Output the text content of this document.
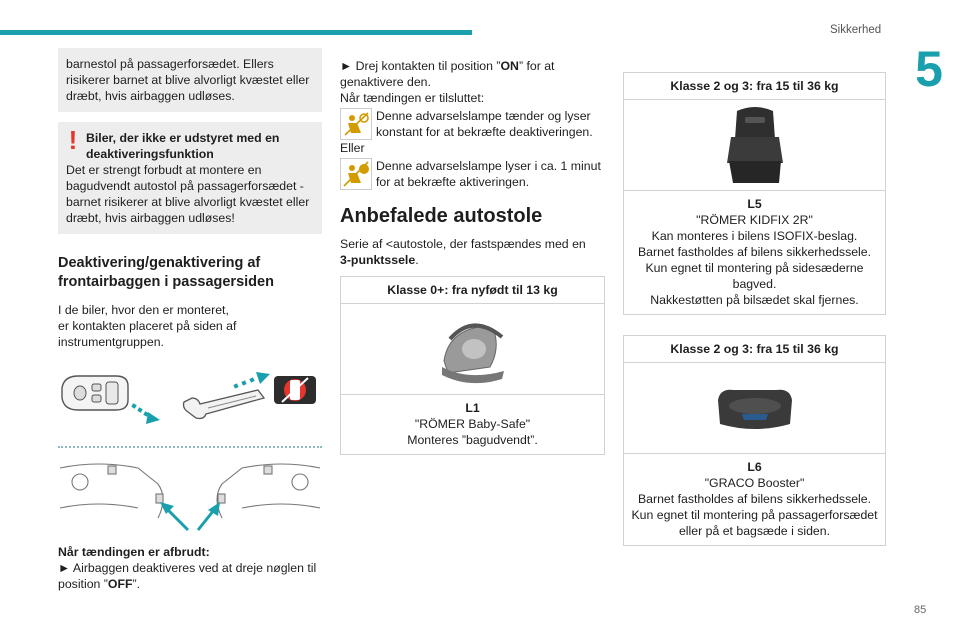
Sikkerhed
5
85
barnestol på passagerforsædet. Ellers
risikerer barnet at blive alvorligt kvæstet eller
dræbt, hvis airbaggen udløses.
! Biler, der ikke er udstyret med en deaktiveringsfunktion
Det er strengt forbudt at montere en
bagudvendt autostol på passagerforsædet -
barnet risikerer at blive alvorligt kvæstet eller
dræbt, hvis airbaggen udløses!
Deaktivering/genaktivering af frontairbaggen i passagersiden
I de biler, hvor den er monteret,
er kontakten placeret på siden af
instrumentgruppen.
Når tændingen er afbrudt:
► Airbaggen deaktiveres ved at dreje nøglen til position ”OFF”.
► Drej kontakten til position ”ON” for at genaktivere den.
Når tændingen er tilsluttet:
Denne advarselslampe tænder og lyser konstant for at bekræfte deaktiveringen.
Eller
Denne advarselslampe lyser i ca. 1 minut for at bekræfte aktiveringen.
Anbefalede autostole
Serie af <autostole, der fastspændes med en
3-punktssele.
Klasse 0+: fra nyfødt til 13 kg
L1
"RÖMER Baby-Safe"
Monteres ”bagudvendt”.
Klasse 2 og 3: fra 15 til 36 kg
L5
"RÖMER KIDFIX 2R"
Kan monteres i bilens ISOFIX-beslag.
Barnet fastholdes af bilens sikkerhedssele.
Kun egnet til montering på sidesæderne bagved.
Nakkestøtten på bilsædet skal fjernes.
Klasse 2 og 3: fra 15 til 36 kg
L6
"GRACO Booster"
Barnet fastholdes af bilens sikkerhedssele.
Kun egnet til montering på passagerforsædet eller på et bagsæde i siden.
